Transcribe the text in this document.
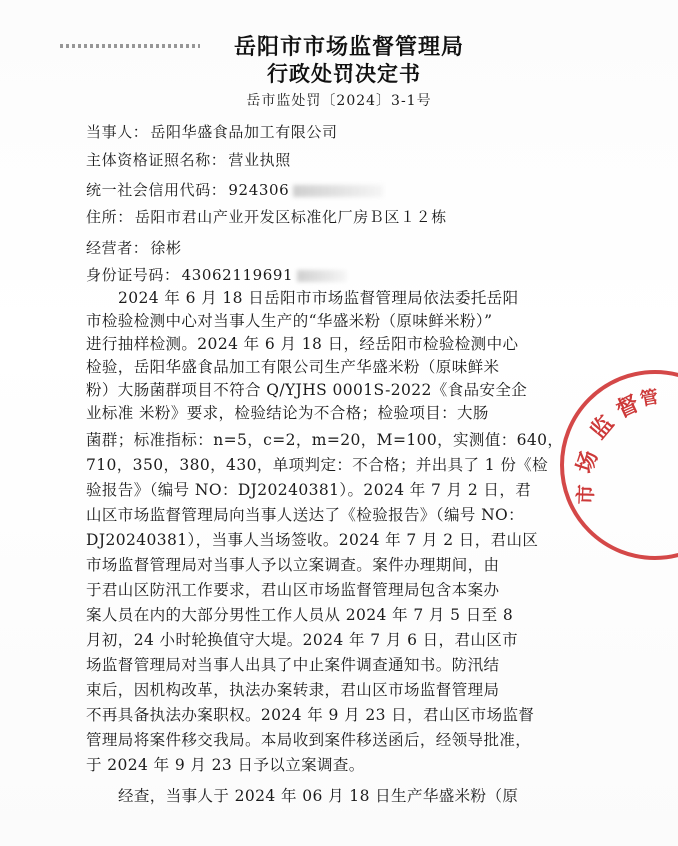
岳阳市市场监督管理局
行政处罚决定书
岳市监处罚〔2024〕3-1号
当事人： 岳阳华盛食品加工有限公司
主体资格证照名称： 营业执照
统一社会信用代码： 924306
住所： 岳阳市君山产业开发区标准化厂房Ｂ区１２栋
经营者： 徐彬
身份证号码： 43062119691
2024 年 6 月 18 日岳阳市市场监督管理局依法委托岳阳
市检验检测中心对当事人生产的“华盛米粉（原味鲜米粉）”
进行抽样检测。2024 年 6 月 18 日，经岳阳市检验检测中心
检验，岳阳华盛食品加工有限公司生产华盛米粉（原味鲜米
粉）大肠菌群项目不符合 Q/YJHS 0001S-2022《食品安全企
业标准 米粉》要求，检验结论为不合格；检验项目：大肠
菌群；标准指标：n=5，c=2，m=20，M=100，实测值：640，
710，350，380，430，单项判定：不合格；并出具了 1 份《检
验报告》（编号 NO：DJ20240381）。2024 年 7 月 2 日，君
山区市场监督管理局向当事人送达了《检验报告》（编号 NO：
DJ20240381），当事人当场签收。2024 年 7 月 2 日，君山区
市场监督管理局对当事人予以立案调查。案件办理期间，由
于君山区防汛工作要求，君山区市场监督管理局包含本案办
案人员在内的大部分男性工作人员从 2024 年 7 月 5 日至 8
月初，24 小时轮换值守大堤。2024 年 7 月 6 日，君山区市
场监督管理局对当事人出具了中止案件调查通知书。防汛结
束后，因机构改革，执法办案转隶，君山区市场监督管理局
不再具备执法办案职权。2024 年 9 月 23 日，君山区市场监督
管理局将案件移交我局。本局收到案件移送函后，经领导批准，
于 2024 年 9 月 23 日予以立案调查。
经查，当事人于 2024 年 06 月 18 日生产华盛米粉（原
市
场
监
督
管
